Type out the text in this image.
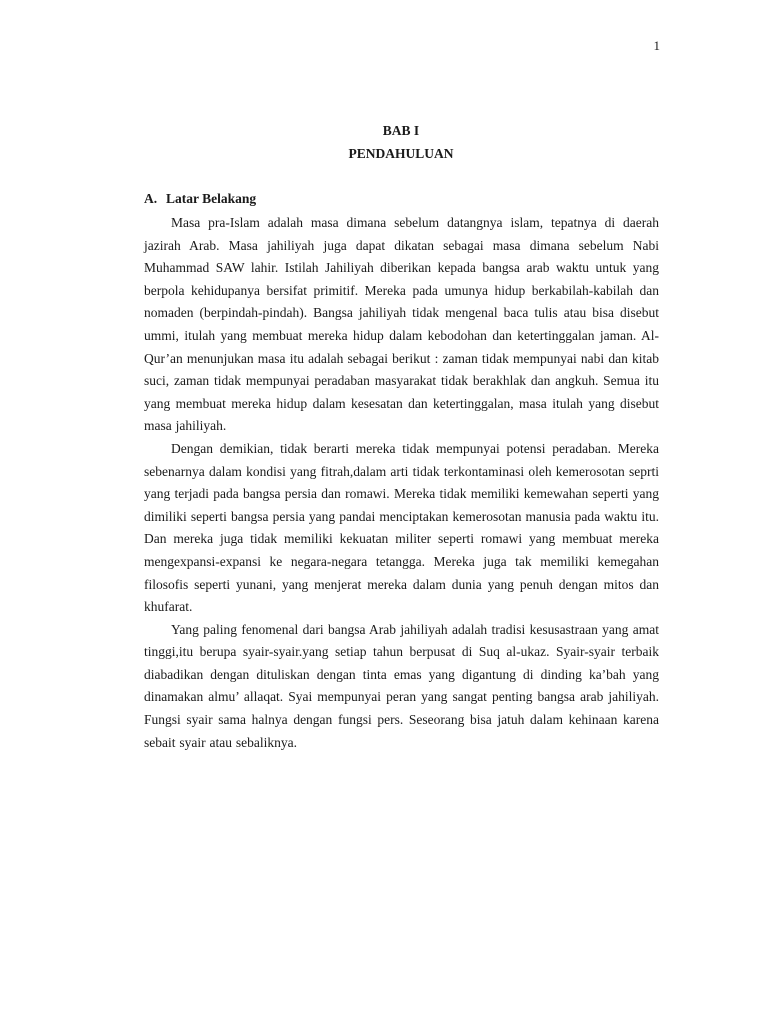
1

BAB I
PENDAHULUAN
A. Latar Belakang

Masa pra-Islam adalah masa dimana sebelum datangnya islam, tepatnya di daerah jazirah Arab. Masa jahiliyah juga dapat dikatan sebagai masa dimana sebelum Nabi Muhammad SAW lahir. Istilah Jahiliyah diberikan kepada bangsa arab waktu untuk yang berpola kehidupanya bersifat primitif. Mereka pada umunya hidup berkabilah-kabilah dan nomaden (berpindah-pindah). Bangsa jahiliyah tidak mengenal baca tulis atau bisa disebut ummi, itulah yang membuat mereka hidup dalam kebodohan dan ketertinggalan jaman. Al-Qur’an menunjukan masa itu adalah sebagai berikut : zaman tidak mempunyai nabi dan kitab suci, zaman tidak mempunyai peradaban masyarakat tidak berakhlak dan angkuh. Semua itu yang membuat mereka hidup dalam kesesatan dan ketertinggalan, masa itulah yang disebut masa jahiliyah.

Dengan demikian, tidak berarti mereka tidak mempunyai potensi peradaban. Mereka sebenarnya dalam kondisi yang fitrah,dalam arti tidak terkontaminasi oleh kemerosotan seprti yang terjadi pada bangsa persia dan romawi. Mereka tidak memiliki kemewahan seperti yang dimiliki seperti bangsa persia yang pandai menciptakan kemerosotan manusia pada waktu itu. Dan mereka juga tidak memiliki kekuatan militer seperti romawi yang membuat mereka mengexpansi-expansi ke negara-negara tetangga. Mereka juga tak memiliki kemegahan filosofis seperti yunani, yang menjerat mereka dalam dunia yang penuh dengan mitos dan khufarat.

Yang paling fenomenal dari bangsa Arab jahiliyah adalah tradisi kesusastraan yang amat tinggi,itu berupa syair-syair.yang setiap tahun berpusat di Suq al-ukaz. Syair-syair terbaik diabadikan dengan dituliskan dengan tinta emas yang digantung di dinding ka’bah yang dinamakan almu’ allaqat. Syai mempunyai peran yang sangat penting bangsa arab jahiliyah. Fungsi syair sama halnya dengan fungsi pers. Seseorang bisa jatuh dalam kehinaan karena sebait syair atau sebaliknya.
